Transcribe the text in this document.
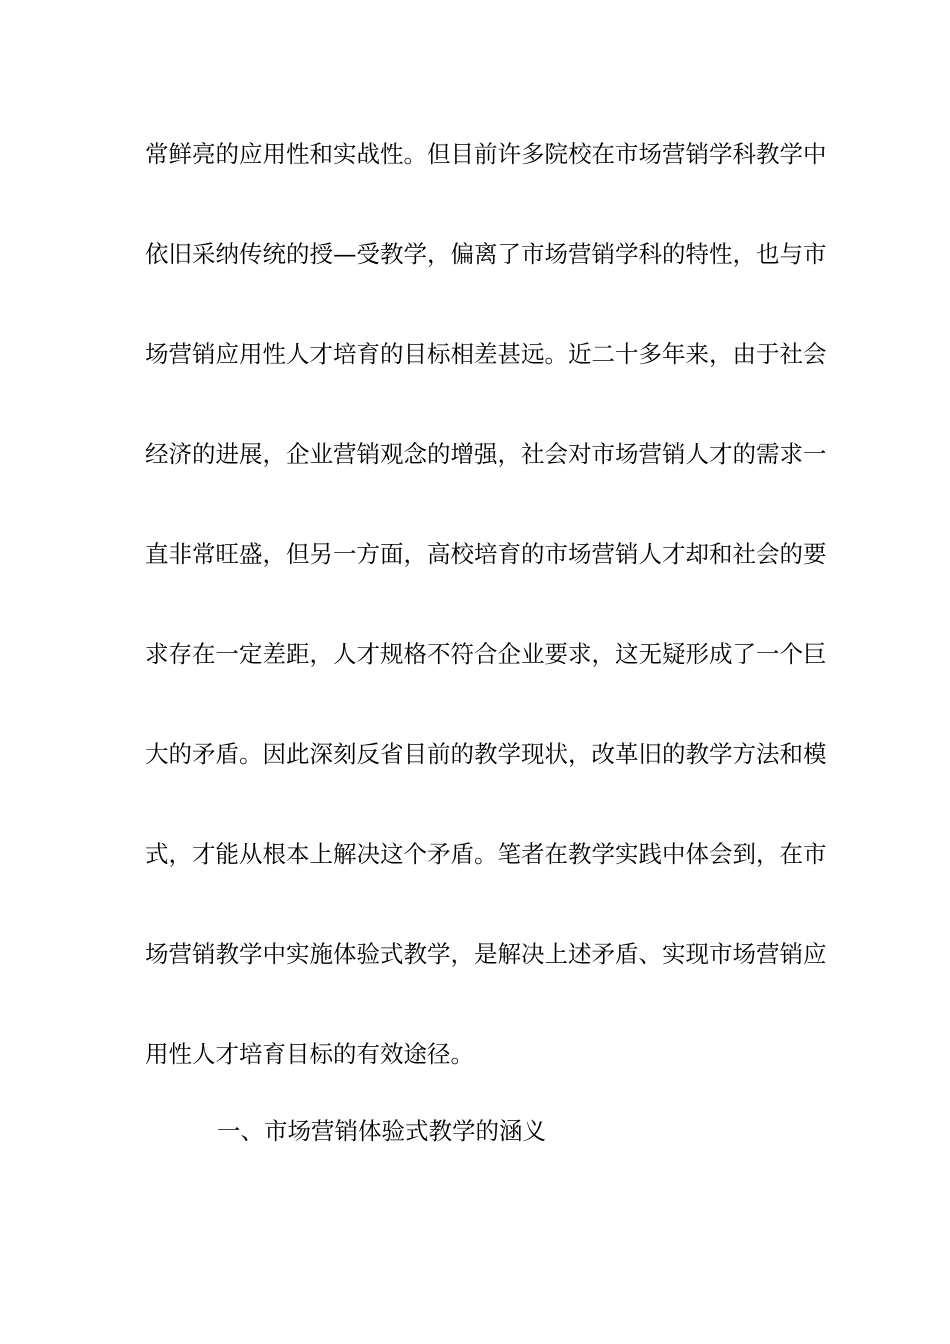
常鲜亮的应用性和实战性。但目前许多院校在市场营销学科教学中
依旧采纳传统的授—受教学，偏离了市场营销学科的特性，也与市
场营销应用性人才培育的目标相差甚远。近二十多年来，由于社会
经济的进展，企业营销观念的增强，社会对市场营销人才的需求一
直非常旺盛，但另一方面，高校培育的市场营销人才却和社会的要
求存在一定差距，人才规格不符合企业要求，这无疑形成了一个巨
大的矛盾。因此深刻反省目前的教学现状，改革旧的教学方法和模
式，才能从根本上解决这个矛盾。笔者在教学实践中体会到，在市
场营销教学中实施体验式教学，是解决上述矛盾、实现市场营销应
用性人才培育目标的有效途径。
一、市场营销体验式教学的涵义
